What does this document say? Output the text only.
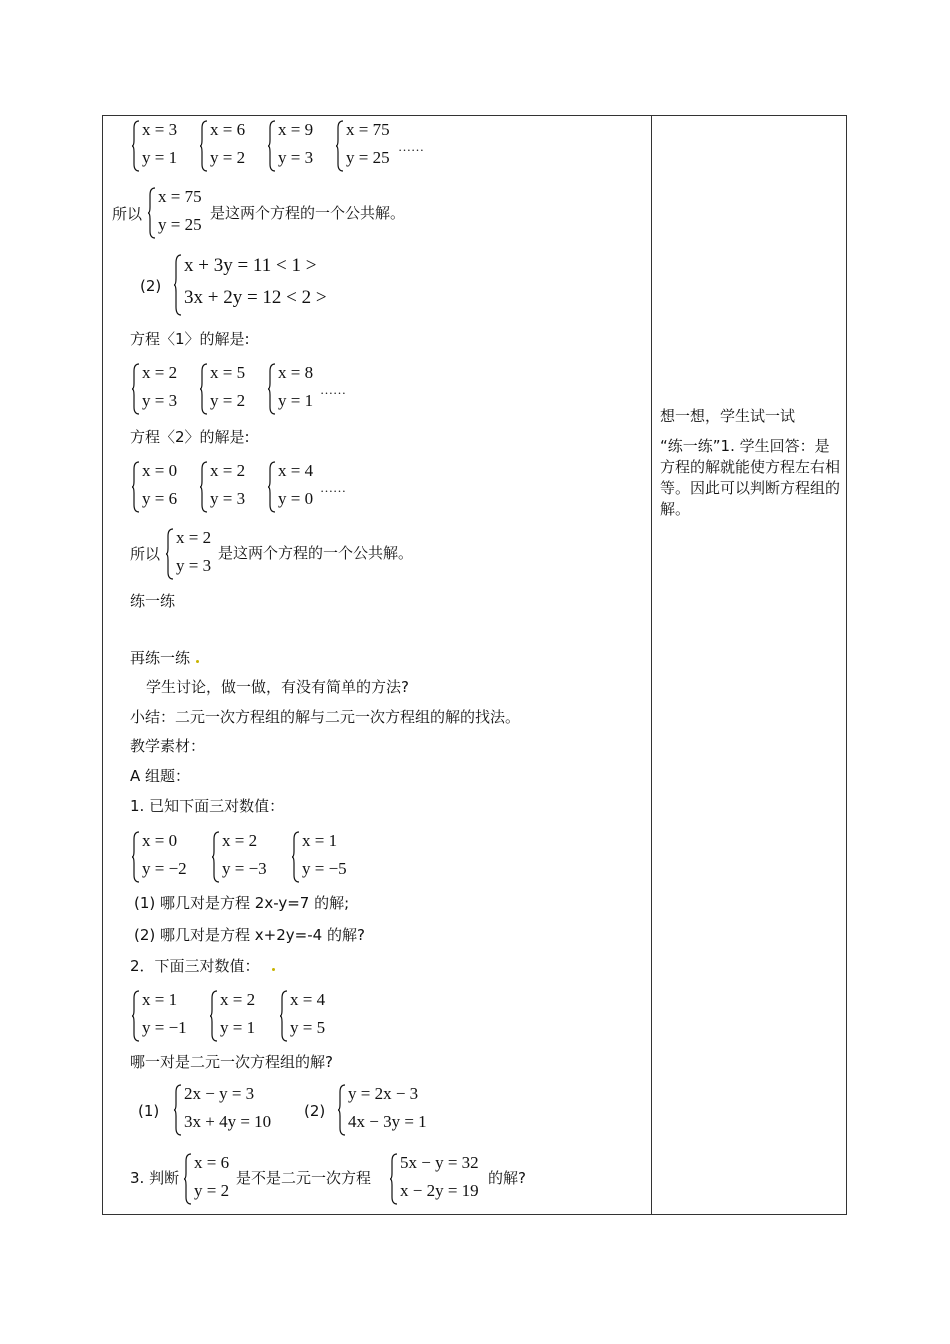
x = 3
y = 1
x = 6
y = 2
x = 9
y = 3
x = 75
y = 25
……
所以
x = 75
y = 25
是这两个方程的一个公共解。
(2)
x + 3y = 11 < 1 >
3x + 2y = 12 < 2 >
方程〈1〉的解是:
x = 2
y = 3
x = 5
y = 2
x = 8
y = 1
……
方程〈2〉的解是:
x = 0
y = 6
x = 2
y = 3
x = 4
y = 0
……
所以
x = 2
y = 3
是这两个方程的一个公共解。
练一练
再练一练
学生讨论，做一做，有没有简单的方法?
小结：二元一次方程组的解与二元一次方程组的解的找法。
教学素材：
A 组题：
1. 已知下面三对数值：
x = 0
y = −2
x = 2
y = −3
x = 1
y = −5
(1) 哪几对是方程 2x-y=7 的解;
(2) 哪几对是方程 x+2y=-4 的解?
2．下面三对数值：
x = 1
y = −1
x = 2
y = 1
x = 4
y = 5
哪一对是二元一次方程组的解?
(1)
2x − y = 3
3x + 4y = 10
(2)
y = 2x − 3
4x − 3y = 1
3. 判断
x = 6
y = 2
是不是二元一次方程
5x − y = 32
x − 2y = 19
的解?
想一想，学生试一试
“练一练”1. 学生回答：是方程的解就能使方程左右相等。因此可以判断方程组的解。
